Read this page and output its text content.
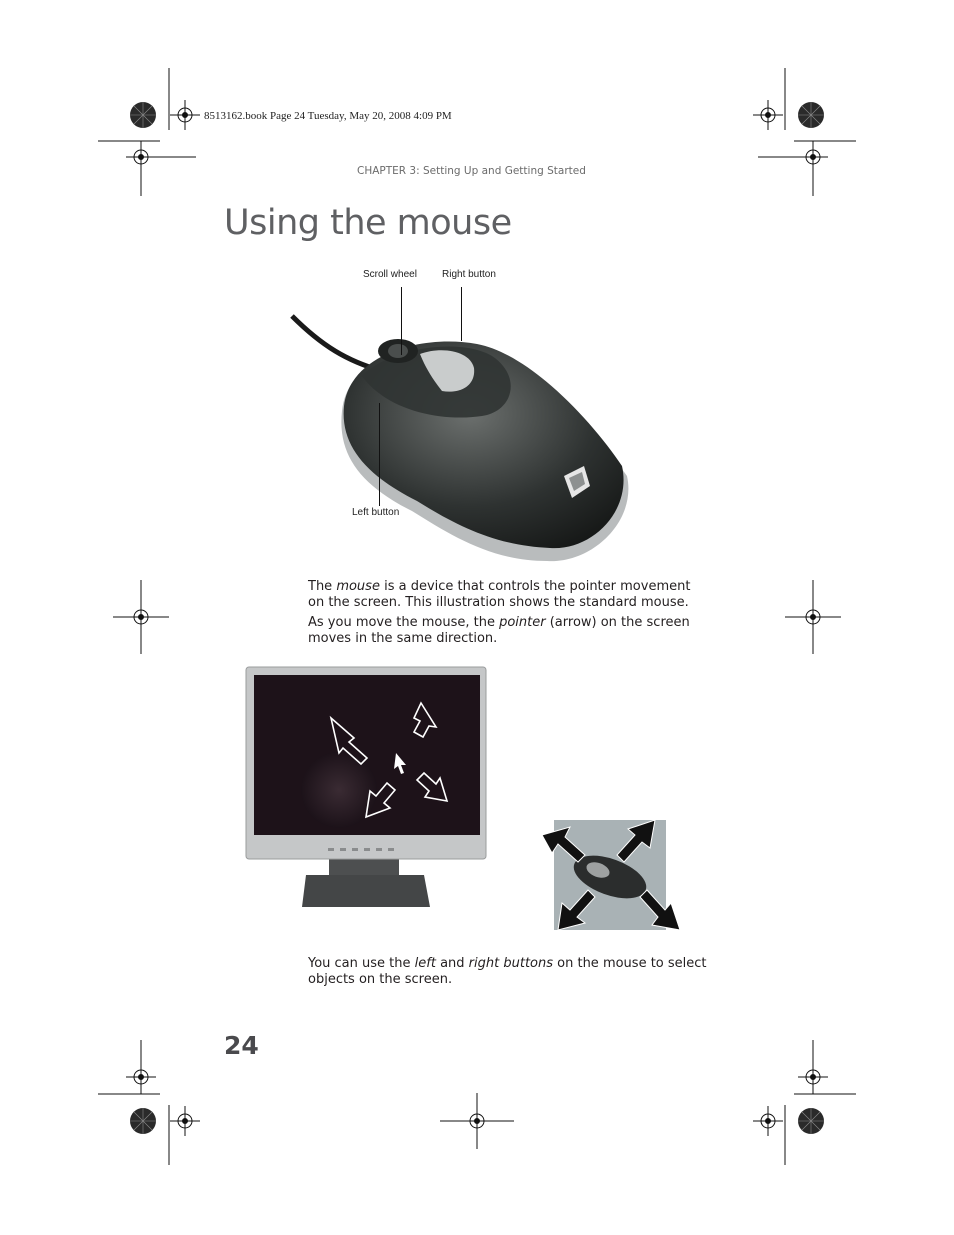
8513162.book Page 24 Tuesday, May 20, 2008 4:09 PM
CHAPTER 3: Setting Up and Getting Started
Using the mouse
Scroll wheel	Right button
Left button
The mouse is a device that controls the pointer movement on the screen. This illustration shows the standard mouse.
As you move the mouse, the pointer (arrow) on the screen moves in the same direction.
You can use the left and right buttons on the mouse to select objects on the screen.
24
